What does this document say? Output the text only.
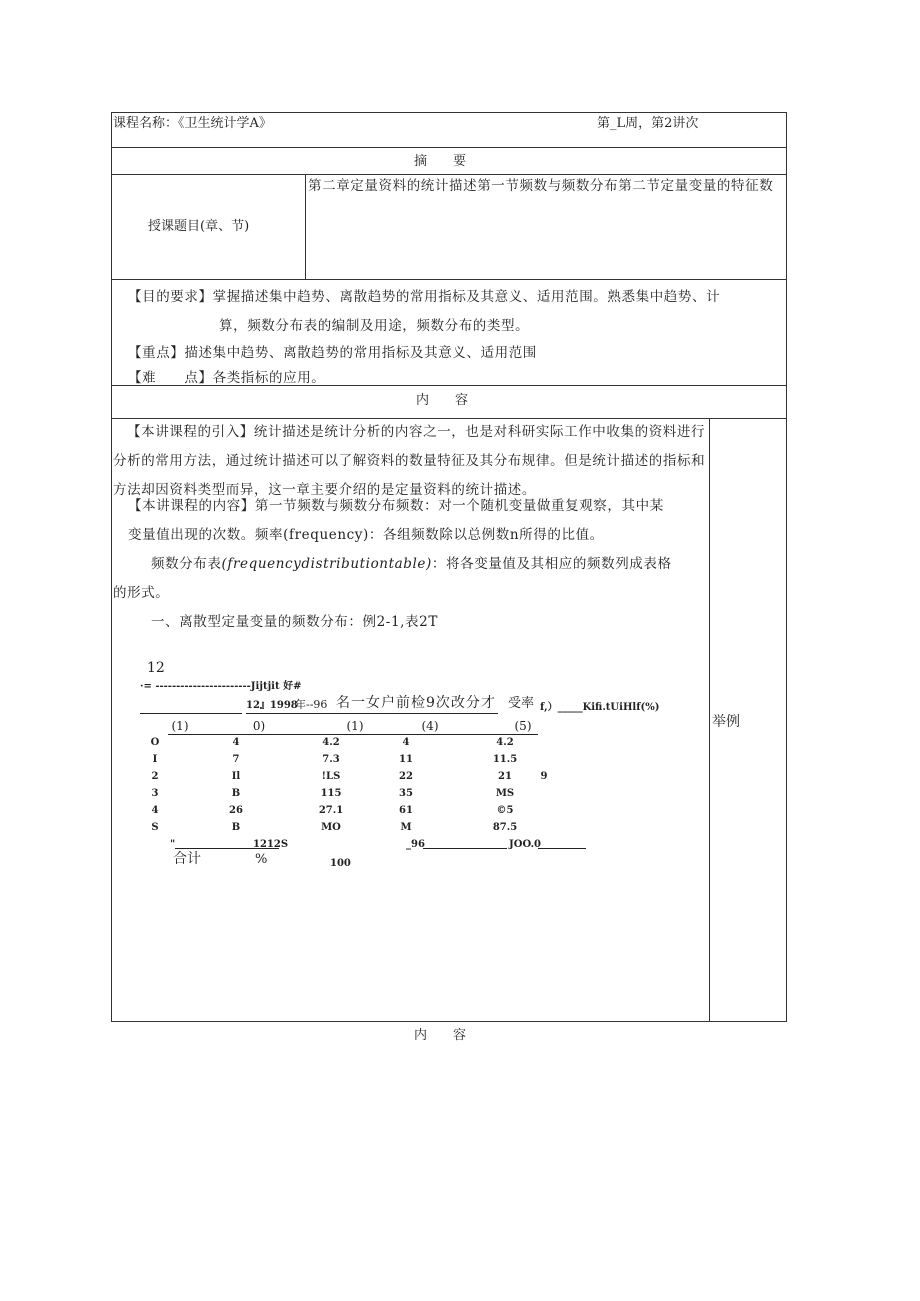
课程名称：《卫生统计学A》	第_L周，第2讲次
摘　　要
授课题目(章、节)
第二章定量资料的统计描述第一节频数与频数分布第二节定量变量的特征数
【目的要求】掌握描述集中趋势、离散趋势的常用指标及其意义、适用范围。熟悉集中趋势、计
算，频数分布表的编制及用途，频数分布的类型。
【重点】描述集中趋势、离散趋势的常用指标及其意义、适用范围
【难　　点】各类指标的应用。
内　　容
【本讲课程的引入】统计描述是统计分析的内容之一，也是对科研实际工作中收集的资料进行分析的常用方法，通过统计描述可以了解资料的数量特征及其分布规律。但是统计描述的指标和方法却因资料类型而异，这一章主要介绍的是定量资料的统计描述。
【本讲课程的内容】第一节频数与频数分布频数：对一个随机变量做重复观察，其中某
变量值出现的次数。频率(frequency)：各组频数除以总例数n所得的比值。
频数分布表(frequencydistributiontable)：将各变量值及其相应的频数列成表格
的形式。
一、离散型定量变量的频数分布：例2-1,表2T
12
·= -----------------------Jijtjit 好#
12』1998
年--96 名一女户前检9次改分才 受率 f,）_____Kifi.tUiHlf(%)
(1)	0)	(1)	(4)	(5)
O	4	4.2	4	4.2
I	7	7.3	11	11.5
2	Il	!LS	22	21	9
3	B	115	35	MS
4	26	27.1	61	©5
S	B	MO	M	87.5
"	1212S	_96	JOO.0
合计	%	100
举例
内　　容
